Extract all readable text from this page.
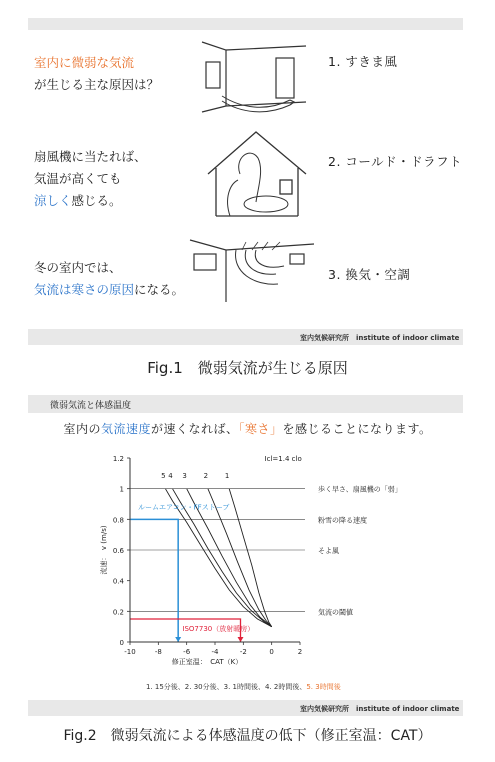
室内に微弱な気流
が生じる主な原因は？
扇風機に当たれば、
気温が高くても
涼しく感じる。
冬の室内では、
気流は寒さの原因になる。
1. すきま風
2. コールド・ドラフト
3. 換気・空調
室内気候研究所　institute of indoor climate
Fig.1　微弱気流が生じる原因
微弱気流と体感温度
室内の気流速度が速くなれば、「寒さ」を感じることになります。
歩く早さ、扇風機の「弱」
粉雪の降る速度
そよ風
気流の閾値
5 4 3 2 1
ルームエアコン・FFストーブ
ISO7730（放射暖房）
0
0.2
0.4
0.6
0.8
1
1.2
-10	-8	-6	-4	-2	0	2
修正室温：　CAT（K）
流速：　v (m/s)
Icl=1.4 clo
1. 15分後、2. 30分後、3. 1時間後、4. 2時間後、5. 3時間後
室内気候研究所　institute of indoor climate
Fig.2　微弱気流による体感温度の低下（修正室温：CAT）
